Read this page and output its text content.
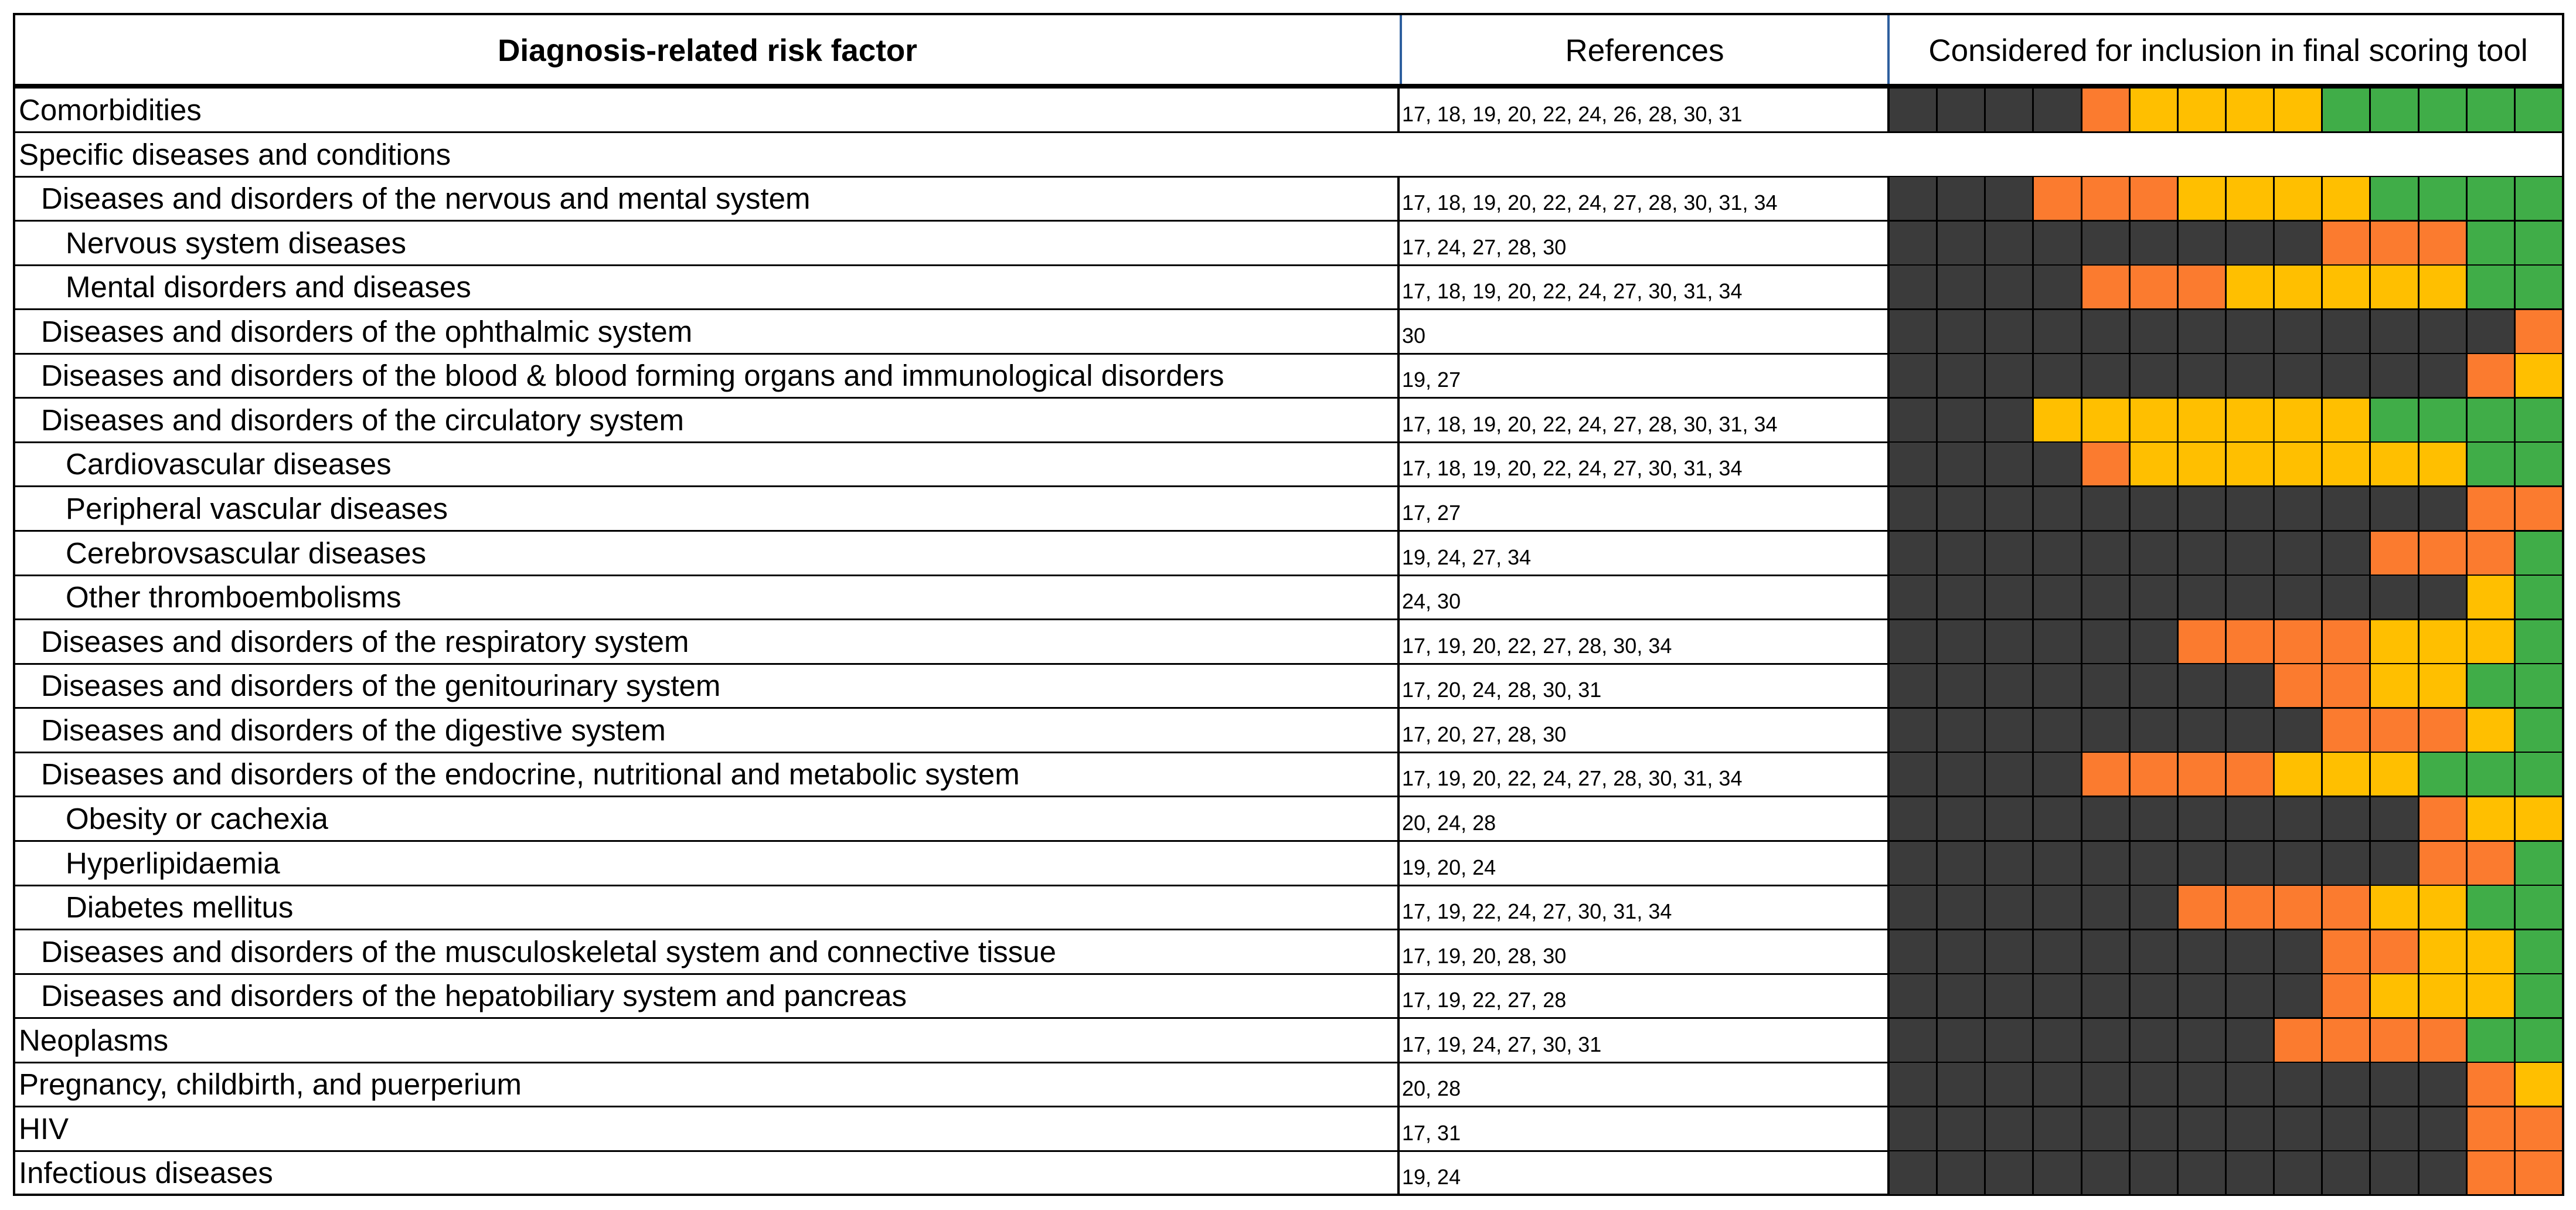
Diagnosis-related risk factor	References	Considered for inclusion in final scoring tool
Comorbidities	17, 18, 19, 20, 22, 24, 26, 28, 30, 31
Specific diseases and conditions
Diseases and disorders of the nervous and mental system	17, 18, 19, 20, 22, 24, 27, 28, 30, 31, 34
Nervous system diseases	17, 24, 27, 28, 30
Mental disorders and diseases	17, 18, 19, 20, 22, 24, 27, 30, 31, 34
Diseases and disorders of the ophthalmic system	30
Diseases and disorders of the blood & blood forming organs and immunological disorders	19, 27
Diseases and disorders of the circulatory system	17, 18, 19, 20, 22, 24, 27, 28, 30, 31, 34
Cardiovascular diseases	17, 18, 19, 20, 22, 24, 27, 30, 31, 34
Peripheral vascular diseases	17, 27
Cerebrovsascular diseases	19, 24, 27, 34
Other thromboembolisms	24, 30
Diseases and disorders of the respiratory system	17, 19, 20, 22, 27, 28, 30, 34
Diseases and disorders of the genitourinary system	17, 20, 24, 28, 30, 31
Diseases and disorders of the digestive system	17, 20, 27, 28, 30
Diseases and disorders of the endocrine, nutritional and metabolic system	17, 19, 20, 22, 24, 27, 28, 30, 31, 34
Obesity or cachexia	20, 24, 28
Hyperlipidaemia	19, 20, 24
Diabetes mellitus	17, 19, 22, 24, 27, 30, 31, 34
Diseases and disorders of the musculoskeletal system and connective tissue	17, 19, 20, 28, 30
Diseases and disorders of the hepatobiliary system and pancreas	17, 19, 22, 27, 28
Neoplasms	17, 19, 24, 27, 30, 31
Pregnancy, childbirth, and puerperium	20, 28
HIV	17, 31
Infectious diseases	19, 24
